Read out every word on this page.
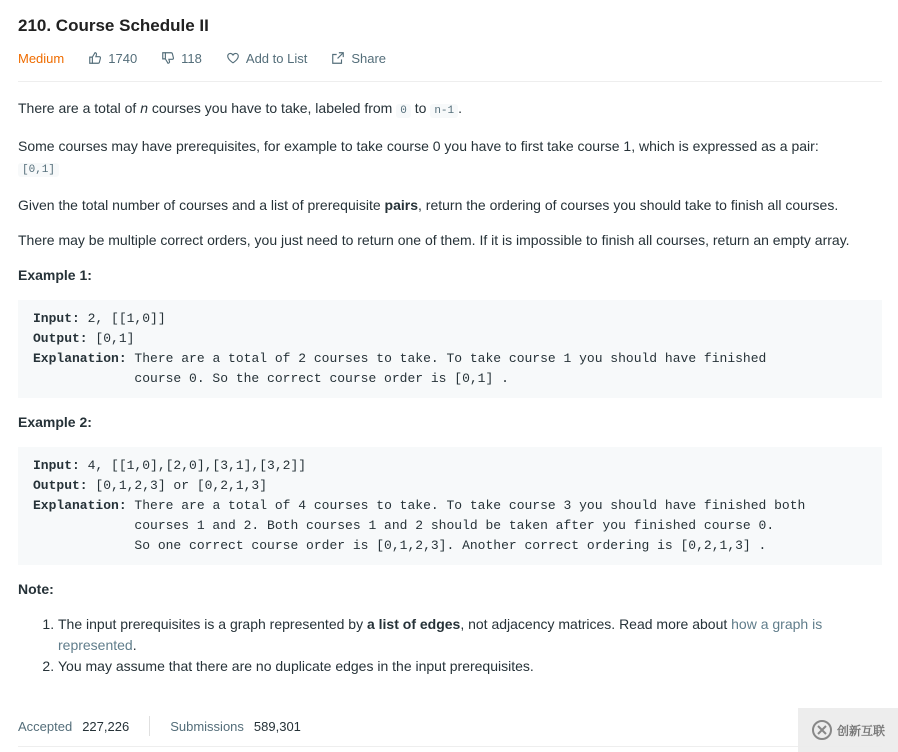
210. Course Schedule II
Medium	1740	118	Add to List	Share

There are a total of n courses you have to take, labeled from 0 to n-1 .

Some courses may have prerequisites, for example to take course 0 you have to first take course 1, which is expressed as a pair:
[0,1]

Given the total number of courses and a list of prerequisite pairs, return the ordering of courses you should take to finish all courses.

There may be multiple correct orders, you just need to return one of them. If it is impossible to finish all courses, return an empty array.

Example 1:
Input: 2, [[1,0]]
Output: [0,1]
Explanation: There are a total of 2 courses to take. To take course 1 you should have finished
course 0. So the correct course order is [0,1] .
Example 2:
Input: 4, [[1,0],[2,0],[3,1],[3,2]]
Output: [0,1,2,3] or [0,2,1,3]
Explanation: There are a total of 4 courses to take. To take course 3 you should have finished both
courses 1 and 2. Both courses 1 and 2 should be taken after you finished course 0.
So one correct course order is [0,1,2,3]. Another correct ordering is [0,2,1,3] .
Note:
1. The input prerequisites is a graph represented by a list of edges, not adjacency matrices. Read more about how a graph is represented.
2. You may assume that there are no duplicate edges in the input prerequisites.
Accepted 227,226	Submissions 589,301	创新互联
